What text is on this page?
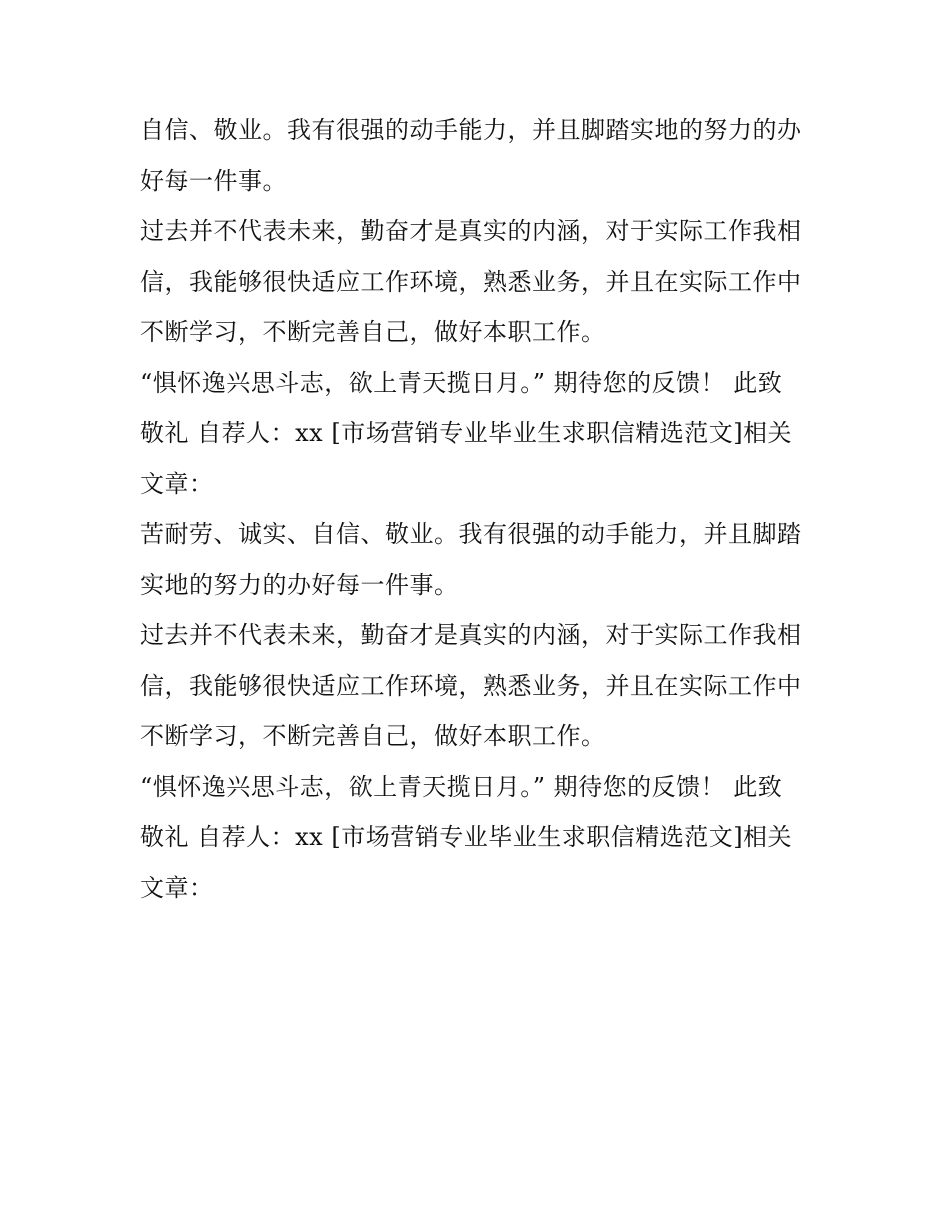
自信、敬业。我有很强的动手能力，并且脚踏实地的努力的办
好每一件事。
过去并不代表未来，勤奋才是真实的内涵，对于实际工作我相
信，我能够很快适应工作环境，熟悉业务，并且在实际工作中
不断学习，不断完善自己，做好本职工作。
“惧怀逸兴思斗志，欲上青天揽日月。” 期待您的反馈！ 此致
敬礼 自荐人：xx [市场营销专业毕业生求职信精选范文]相关
文章：
苦耐劳、诚实、自信、敬业。我有很强的动手能力，并且脚踏
实地的努力的办好每一件事。
过去并不代表未来，勤奋才是真实的内涵，对于实际工作我相
信，我能够很快适应工作环境，熟悉业务，并且在实际工作中
不断学习，不断完善自己，做好本职工作。
“惧怀逸兴思斗志，欲上青天揽日月。” 期待您的反馈！ 此致
敬礼 自荐人：xx [市场营销专业毕业生求职信精选范文]相关
文章：
